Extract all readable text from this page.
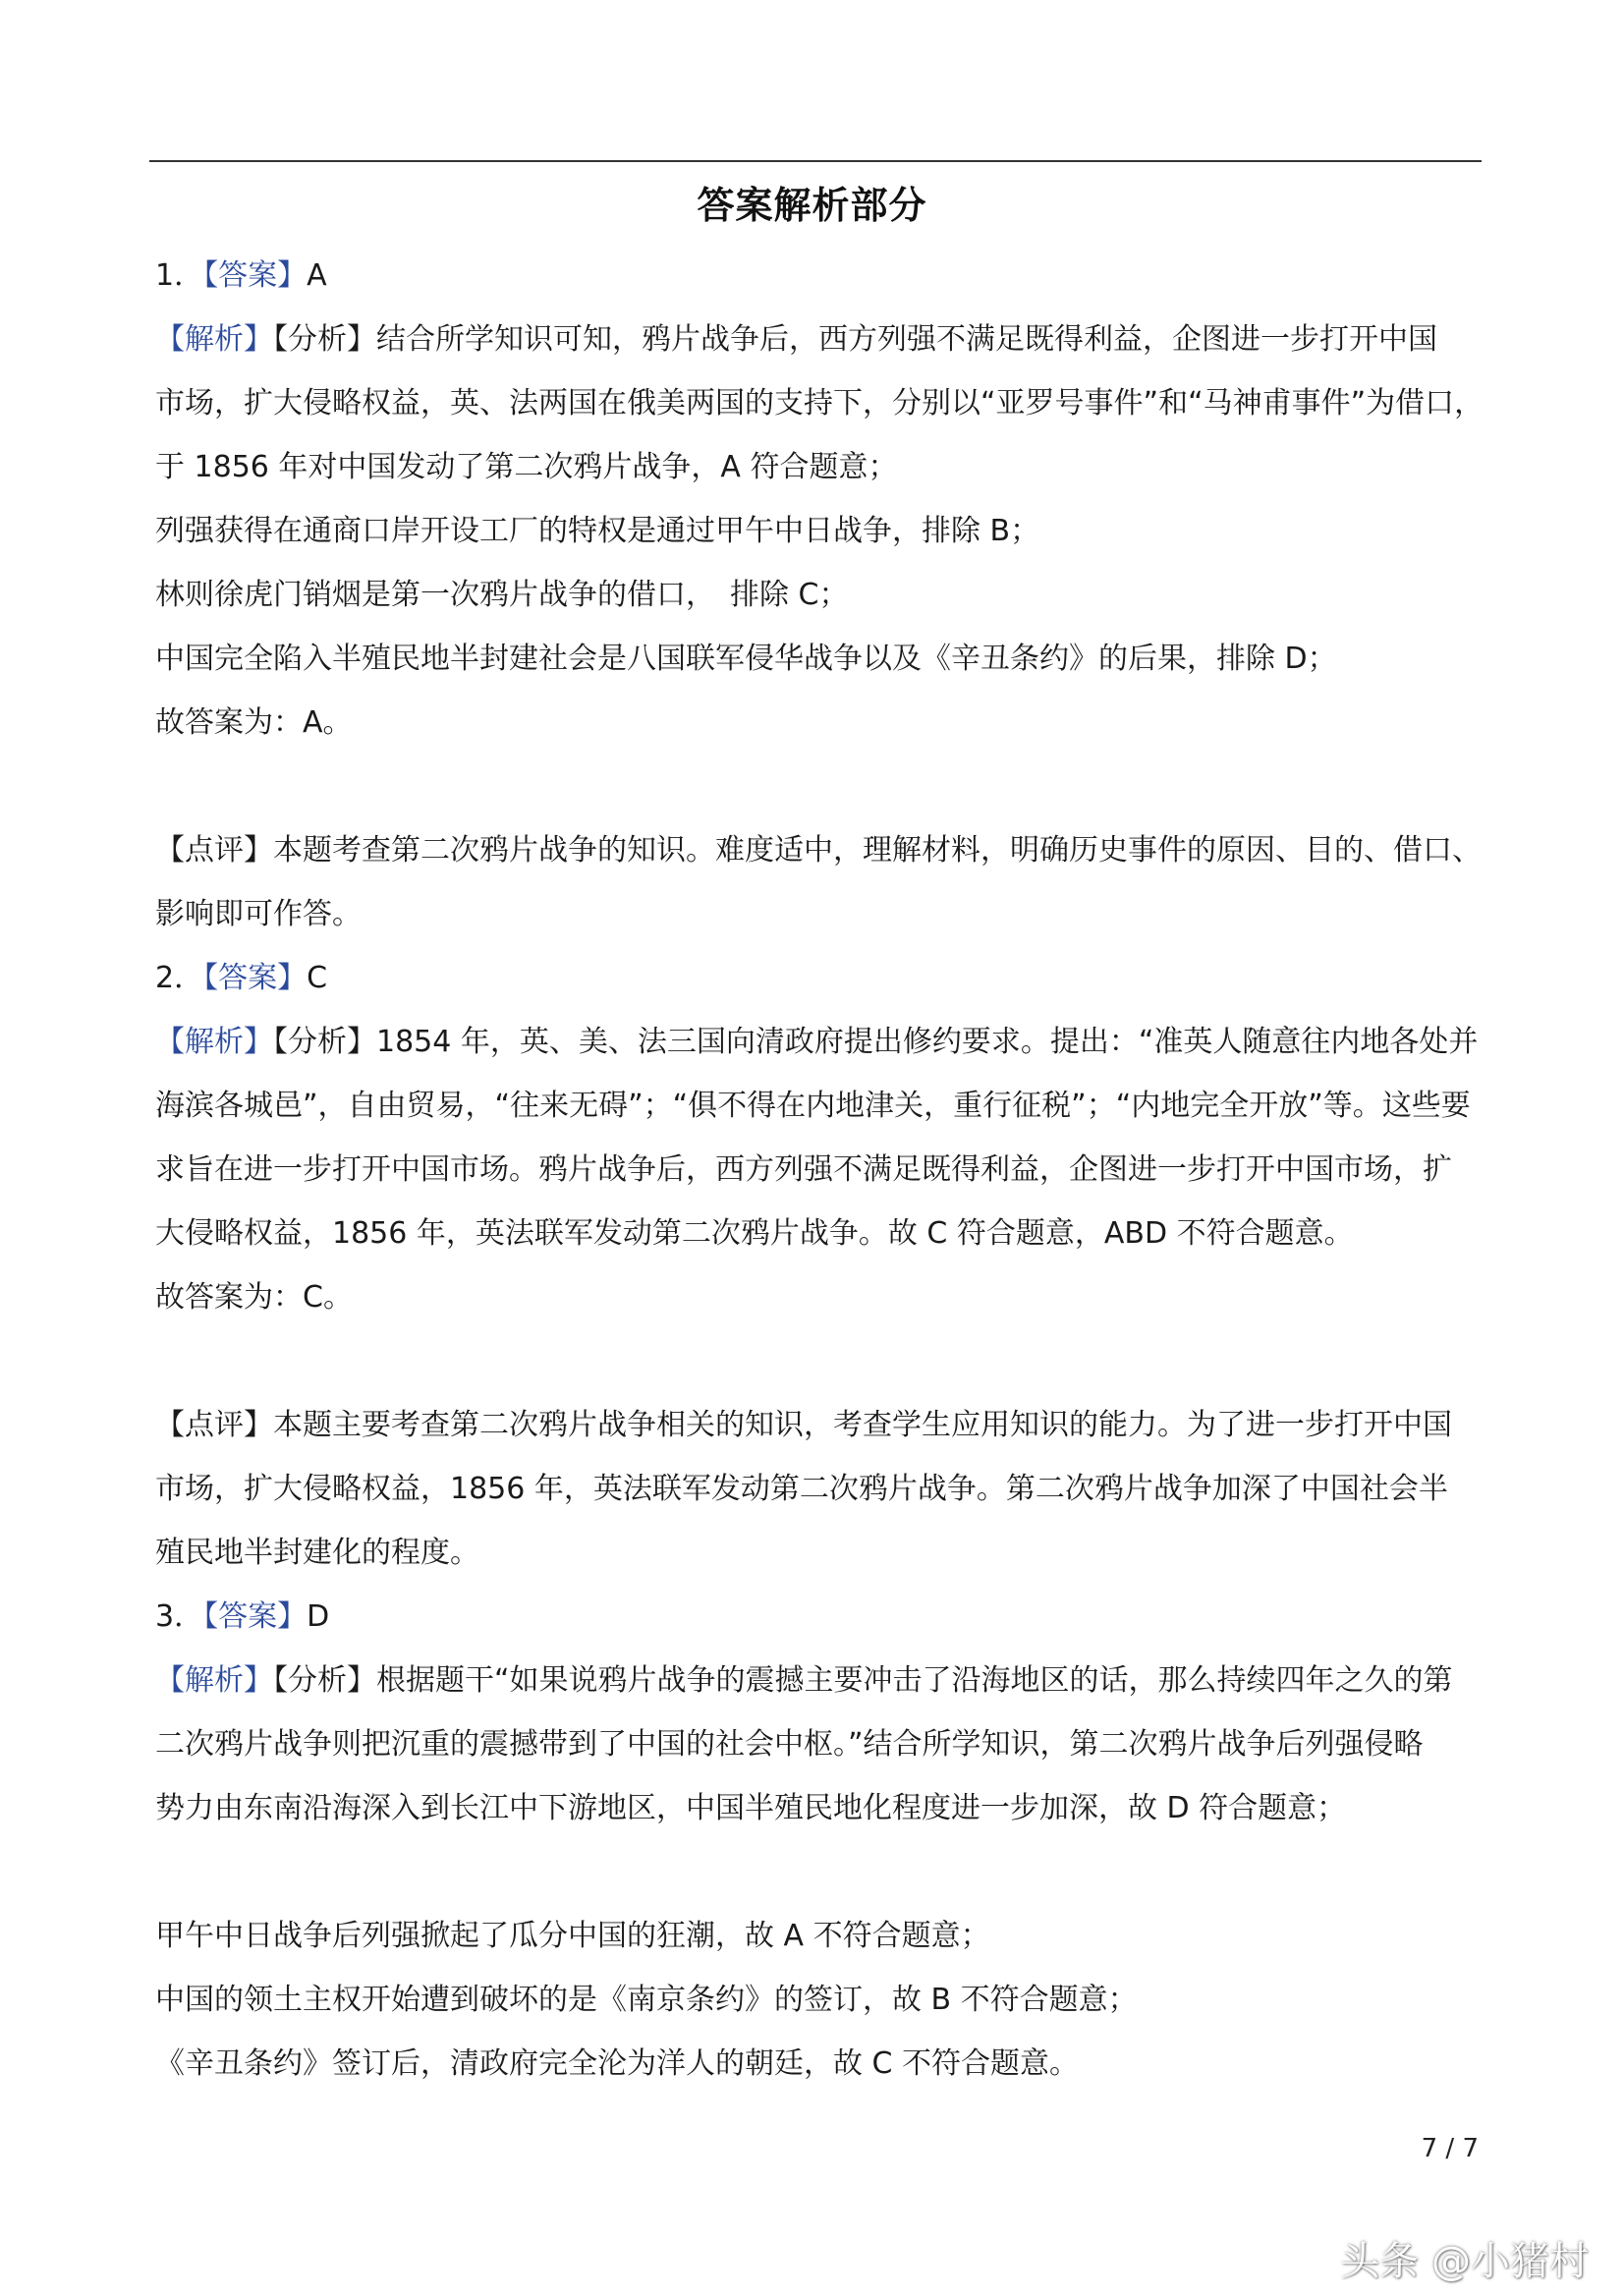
答案解析部分
1．【答案】A
【解析】【分析】结合所学知识可知，鸦片战争后，西方列强不满足既得利益，企图进一步打开中国
市场，扩大侵略权益，英、法两国在俄美两国的支持下，分别以“亚罗号事件”和“马神甫事件”为借口，
于 1856 年对中国发动了第二次鸦片战争，A 符合题意；
列强获得在通商口岸开设工厂的特权是通过甲午中日战争，排除 B；
林则徐虎门销烟是第一次鸦片战争的借口，　排除 C；
中国完全陷入半殖民地半封建社会是八国联军侵华战争以及《辛丑条约》的后果，排除 D；
故答案为：A。
【点评】本题考查第二次鸦片战争的知识。难度适中，理解材料，明确历史事件的原因、目的、借口、
影响即可作答。
2．【答案】C
【解析】【分析】1854 年，英、美、法三国向清政府提出修约要求。提出：“准英人随意往内地各处并
海滨各城邑”，自由贸易，“往来无碍”；“俱不得在内地津关，重行征税”；“内地完全开放”等。这些要
求旨在进一步打开中国市场。鸦片战争后，西方列强不满足既得利益，企图进一步打开中国市场，扩
大侵略权益，1856 年，英法联军发动第二次鸦片战争。故 C 符合题意，ABD 不符合题意。
故答案为：C。
【点评】本题主要考查第二次鸦片战争相关的知识，考查学生应用知识的能力。为了进一步打开中国
市场，扩大侵略权益，1856 年，英法联军发动第二次鸦片战争。第二次鸦片战争加深了中国社会半
殖民地半封建化的程度。
3．【答案】D
【解析】【分析】根据题干“如果说鸦片战争的震撼主要冲击了沿海地区的话，那么持续四年之久的第
二次鸦片战争则把沉重的震撼带到了中国的社会中枢。”结合所学知识，第二次鸦片战争后列强侵略
势力由东南沿海深入到长江中下游地区，中国半殖民地化程度进一步加深，故 D 符合题意；
甲午中日战争后列强掀起了瓜分中国的狂潮，故 A 不符合题意；
中国的领土主权开始遭到破坏的是《南京条约》的签订，故 B 不符合题意；
《辛丑条约》签订后，清政府完全沦为洋人的朝廷，故 C 不符合题意。
7 / 7
头条 @小猪村
